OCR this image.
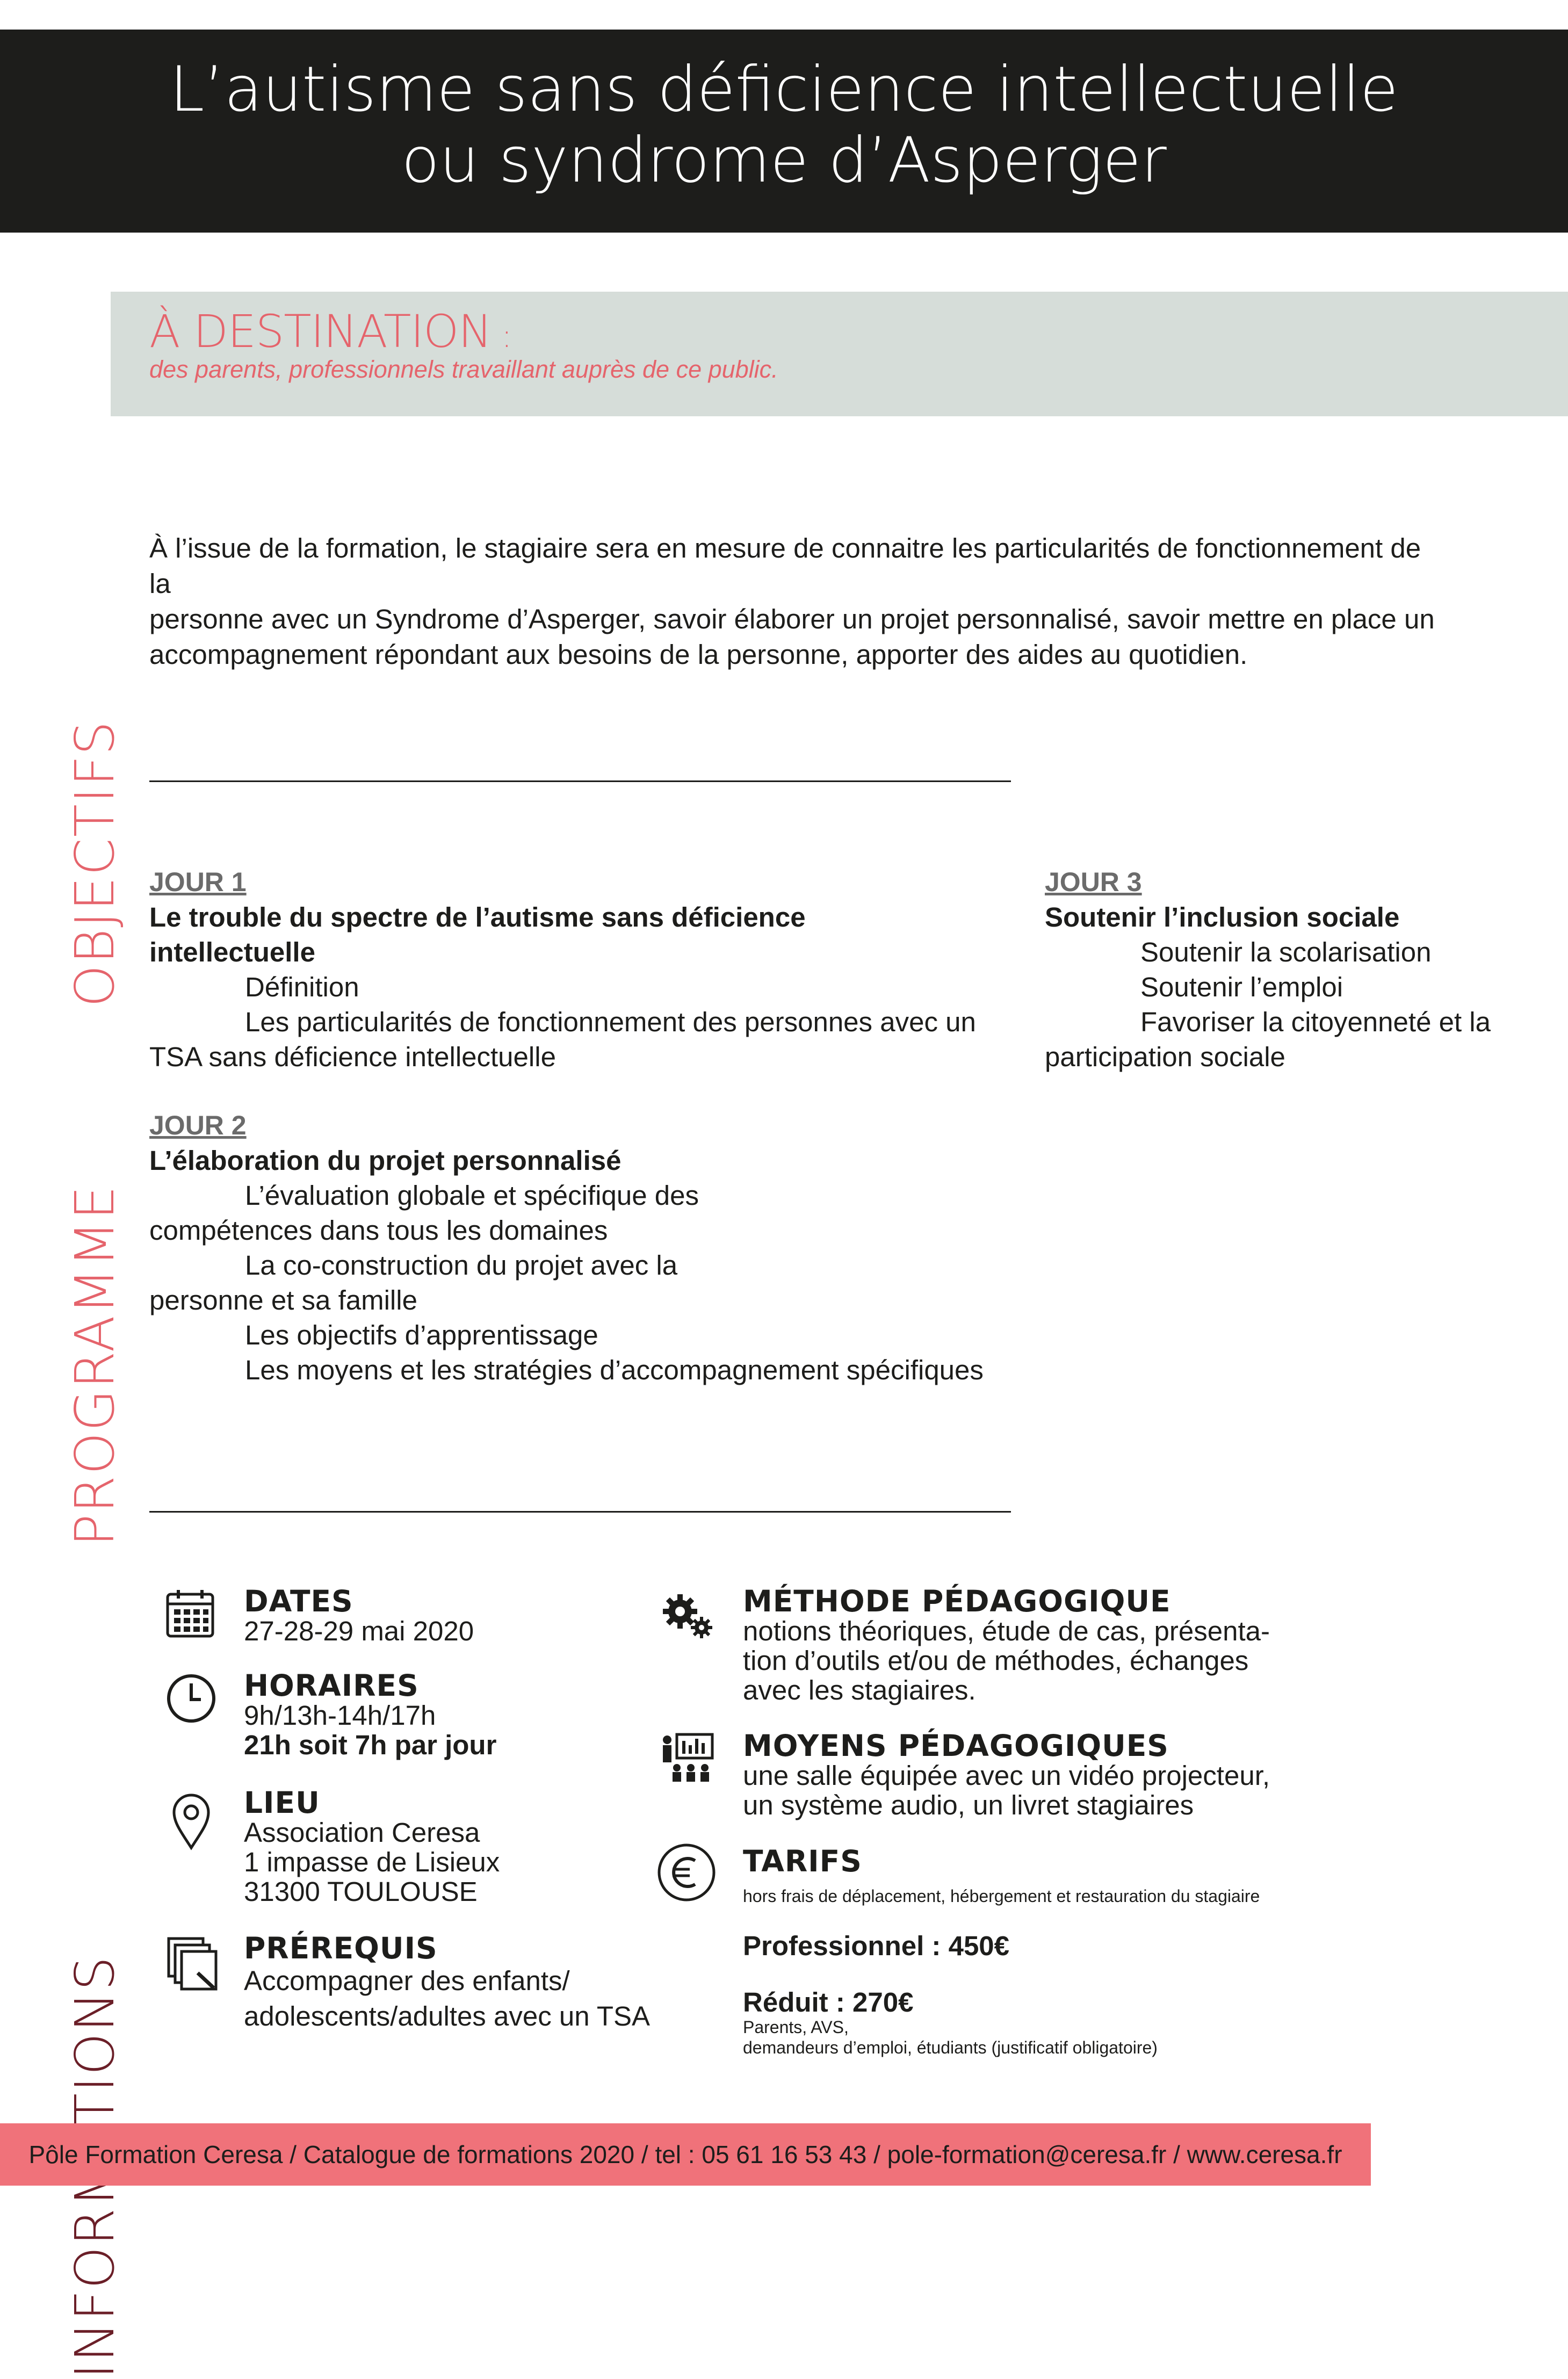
L’autisme sans déficience intellectuelle
ou syndrome d’Asperger
À DESTINATION :
des parents, professionnels travaillant auprès de ce public.
OBJECTIFS
PROGRAMME
À l’issue de la formation, le stagiaire sera en mesure de connaitre les particularités de fonctionnement de la
personne avec un Syndrome d’Asperger, savoir élaborer un projet personnalisé, savoir mettre en place un
accompagnement répondant aux besoins de la personne, apporter des aides au quotidien.
JOUR 1
Le trouble du spectre de l’autisme sans déficience
intellectuelle
Définition
Les particularités de fonctionnement des personnes avec un
TSA sans déficience intellectuelle
JOUR 2
L’élaboration du projet personnalisé
L’évaluation globale et spécifique des
compétences dans tous les domaines
La co-construction du projet avec la
personne et sa famille
Les objectifs d’apprentissage
Les moyens et les stratégies d’accompagnement spécifiques
JOUR 3
Soutenir l’inclusion sociale
Soutenir la scolarisation
Soutenir l’emploi
Favoriser la citoyenneté et la
participation sociale
DATES
27-28-29 mai 2020
HORAIRES
9h/13h-14h/17h
21h soit 7h par jour
LIEU
Association Ceresa
1 impasse de Lisieux
31300 TOULOUSE
PRÉREQUIS
Accompagner des enfants/
adolescents/adultes avec un TSA
MÉTHODE PÉDAGOGIQUE
notions théoriques, étude de cas, présenta-
tion d’outils et/ou de méthodes, échanges
avec les stagiaires.
MOYENS PÉDAGOGIQUES
une salle équipée avec un vidéo projecteur,
un système audio, un livret stagiaires
TARIFS
hors frais de déplacement, hébergement et restauration du stagiaire
Professionnel : 450€
Réduit : 270€
Parents, AVS,
demandeurs d’emploi, étudiants (justificatif obligatoire)
Pôle Formation Ceresa / Catalogue de formations 2020 / tel : 05 61 16 53 43 / pole-formation@ceresa.fr / www.ceresa.fr
